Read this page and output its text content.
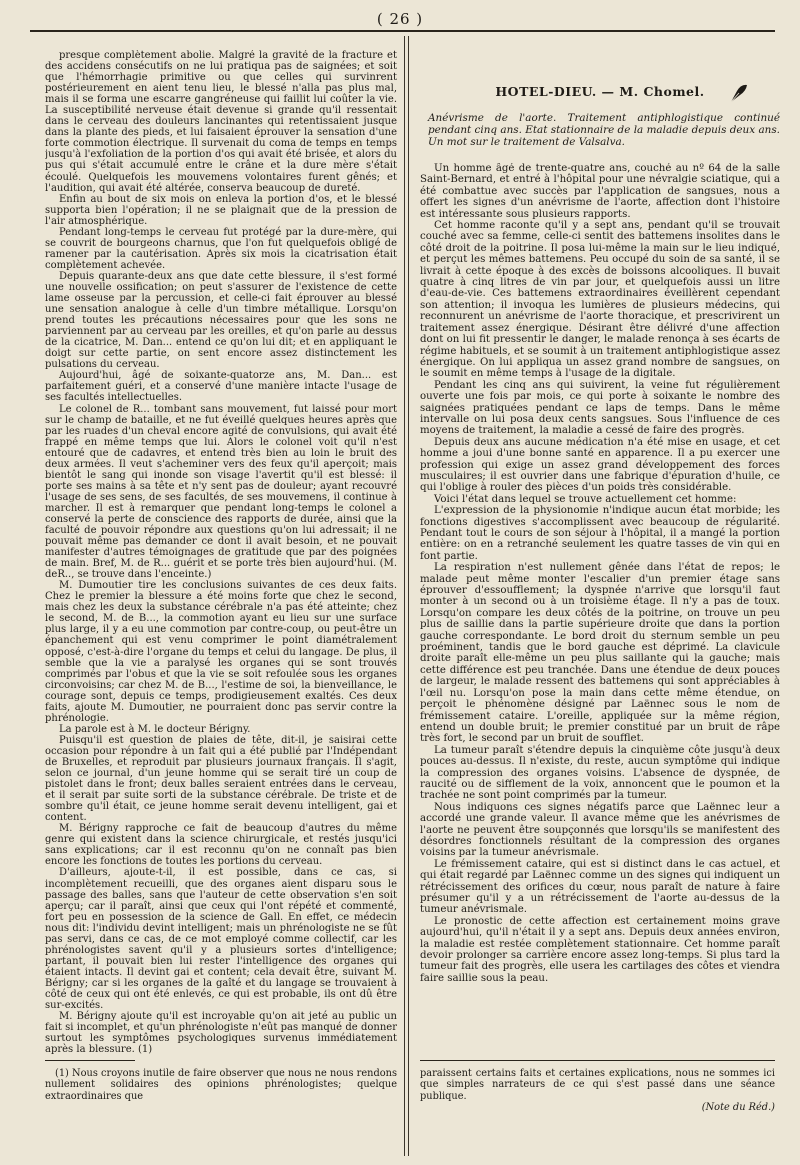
( 26 )

presque complètement abolie. Malgré la gravité de la fracture et des accidens consécutifs on ne lui pratiqua pas de saignées; et soit que l'hémorrhagie primitive ou que celles qui survinrent postérieurement en aient tenu lieu, le blessé n'alla pas plus mal, mais il se forma une escarre gangréneuse qui faillit lui coûter la vie. La susceptibilité nerveuse était devenue si grande qu'il ressentait dans le cerveau des douleurs lancinantes qui retentissaient jusque dans la plante des pieds, et lui faisaient éprouver la sensation d'une forte commotion électrique. Il survenait du coma de temps en temps jusqu'à l'exfoliation de la portion d'os qui avait été brisée, et alors du pus qui s'était accumulé entre le crâne et la dure mère s'était écoulé. Quelquefois les mouvemens volontaires furent gênés; et l'audition, qui avait été altérée, conserva beaucoup de dureté.

Enfin au bout de six mois on enleva la portion d'os, et le blessé supporta bien l'opération; il ne se plaignait que de la pression de l'air atmosphérique.

Pendant long-temps le cerveau fut protégé par la dure-mère, qui se couvrit de bourgeons charnus, que l'on fut quelquefois obligé de ramener par la cautérisation. Après six mois la cicatrisation était complètement achevée.

Depuis quarante-deux ans que date cette blessure, il s'est formé une nouvelle ossification; on peut s'assurer de l'existence de cette lame osseuse par la percussion, et celle-ci fait éprouver au blessé une sensation analogue à celle d'un timbre métallique. Lorsqu'on prend toutes les précautions nécessaires pour que les sons ne parviennent par au cerveau par les oreilles, et qu'on parle au dessus de la cicatrice, M. Dan... entend ce qu'on lui dit; et en appliquant le doigt sur cette partie, on sent encore assez distinctement les pulsations du cerveau.

Aujourd'hui, âgé de soixante-quatorze ans, M. Dan... est parfaitement guéri, et a conservé d'une manière intacte l'usage de ses facultés intellectuelles.

Le colonel de R... tombant sans mouvement, fut laissé pour mort sur le champ de bataille, et ne fut éveillé quelques heures après que par les ruades d'un cheval encore agité de convulsions, qui avait été frappé en même temps que lui. Alors le colonel voit qu'il n'est entouré que de cadavres, et entend très bien au loin le bruit des deux armées. Il veut s'acheminer vers des feux qu'il aperçoit; mais bientôt le sang qui inonde son visage l'avertit qu'il est blessé: il porte ses mains à sa tête et n'y sent pas de douleur; ayant recouvré l'usage de ses sens, de ses facultés, de ses mouvemens, il continue à marcher. Il est à remarquer que pendant long-temps le colonel a conservé la perte de conscience des rapports de durée, ainsi que la faculté de pouvoir répondre aux questions qu'on lui adressait; il ne pouvait même pas demander ce dont il avait besoin, et ne pouvait manifester d'autres témoignages de gratitude que par des poignées de main. Bref, M. de R... guérit et se porte très bien aujourd'hui. (M. deR.., se trouve dans l'enceinte.)

M. Dumoutier tire les conclusions suivantes de ces deux faits. Chez le premier la blessure a été moins forte que chez le second, mais chez les deux la substance cérébrale n'a pas été atteinte; chez le second, M. de B..., la commotion ayant eu lieu sur une surface plus large, il y a eu une commotion par contre-coup, ou peut-être un épanchement qui est venu comprimer le point diamétralement opposé, c'est-à-dire l'organe du temps et celui du langage. De plus, il semble que la vie a paralysé les organes qui se sont trouvés comprimés par l'obus et que la vie se soit refoulée sous les organes circonvoisins; car chez M. de B..., l'estime de soi, la bienveillance, le courage sont, depuis ce temps, prodigieusement exaltés. Ces deux faits, ajoute M. Dumoutier, ne pourraient donc pas servir contre la phrénologie.

La parole est à M. le docteur Bérigny.

Puisqu'il est question de plaies de tête, dit-il, je saisirai cette occasion pour répondre à un fait qui a été publié par l'Indépendant de Bruxelles, et reproduit par plusieurs journaux français. Il s'agit, selon ce journal, d'un jeune homme qui se serait tiré un coup de pistolet dans le front; deux balles seraient entrées dans le cerveau, et il serait par suite sorti de la substance cérébrale. De triste et de sombre qu'il était, ce jeune homme serait devenu intelligent, gai et content.

M. Bérigny rapproche ce fait de beaucoup d'autres du même genre qui existent dans la science chirurgicale, et restés jusqu'ici sans explications; car il est reconnu qu'on ne connaît pas bien encore les fonctions de toutes les portions du cerveau.

D'ailleurs, ajoute-t-il, il est possible, dans ce cas, si incomplètement recueilli, que des organes aient disparu sous le passage des balles, sans que l'auteur de cette observation s'en soit aperçu; car il paraît, ainsi que ceux qui l'ont répété et commenté, fort peu en possession de la science de Gall. En effet, ce médecin nous dit: l'individu devint intelligent; mais un phrénologiste ne se fût pas servi, dans ce cas, de ce mot employé comme collectif, car les phrénologistes savent qu'il y a plusieurs sortes d'intelligence; partant, il pouvait bien lui rester l'intelligence des organes qui étaient intacts. Il devint gai et content; cela devait être, suivant M. Bérigny; car si les organes de la gaîté et du langage se trouvaient à côté de ceux qui ont été enlevés, ce qui est probable, ils ont dû être sur-excités.

M. Bérigny ajoute qu'il est incroyable qu'on ait jeté au public un fait si incomplet, et qu'un phrénologiste n'eût pas manqué de donner surtout les symptômes psychologiques survenus immédiatement après la blessure. (1)

HOTEL-DIEU. — M. Chomel.
Anévrisme de l'aorte. Traitement antiphlogistique continué pendant cinq ans. Etat stationnaire de la maladie depuis deux ans. Un mot sur le traitement de Valsalva.

Un homme âgé de trente-quatre ans, couché au nº 64 de la salle Saint-Bernard, et entré à l'hôpital pour une névralgie sciatique, qui a été combattue avec succès par l'application de sangsues, nous a offert les signes d'un anévrisme de l'aorte, affection dont l'histoire est intéressante sous plusieurs rapports.

Cet homme raconte qu'il y a sept ans, pendant qu'il se trouvait couché avec sa femme, celle-ci sentit des battemens insolites dans le côté droit de la poitrine. Il posa lui-même la main sur le lieu indiqué, et perçut les mêmes battemens. Peu occupé du soin de sa santé, il se livrait à cette époque à des excès de boissons alcooliques. Il buvait quatre à cinq litres de vin par jour, et quelquefois aussi un litre d'eau-de-vie. Ces battemens extraordinaires éveillèrent cependant son attention; il invoqua les lumières de plusieurs médecins, qui reconnurent un anévrisme de l'aorte thoracique, et prescrivirent un traitement assez énergique. Désirant être délivré d'une affection dont on lui fit pressentir le danger, le malade renonça à ses écarts de régime habituels, et se soumit à un traitement antiphlogistique assez énergique. On lui appliqua un assez grand nombre de sangsues, on le soumit en même temps à l'usage de la digitale.

Pendant les cinq ans qui suivirent, la veine fut régulièrement ouverte une fois par mois, ce qui porte à soixante le nombre des saignées pratiquées pendant ce laps de temps. Dans le même intervalle on lui posa deux cents sangsues. Sous l'influence de ces moyens de traitement, la maladie a cessé de faire des progrès.

Depuis deux ans aucune médication n'a été mise en usage, et cet homme a joui d'une bonne santé en apparence. Il a pu exercer une profession qui exige un assez grand développement des forces musculaires; il est ouvrier dans une fabrique d'épuration d'huile, ce qui l'oblige à rouler des pièces d'un poids très considérable.

Voici l'état dans lequel se trouve actuellement cet homme:

L'expression de la physionomie n'indique aucun état morbide; les fonctions digestives s'accomplissent avec beaucoup de régularité. Pendant tout le cours de son séjour à l'hôpital, il a mangé la portion entière: on en a retranché seulement les quatre tasses de vin qui en font partie.

La respiration n'est nullement gênée dans l'état de repos; le malade peut même monter l'escalier d'un premier étage sans éprouver d'essoufflement; la dyspnée n'arrive que lorsqu'il faut monter à un second ou à un troisième étage. Il n'y a pas de toux. Lorsqu'on compare les deux côtés de la poitrine, on trouve un peu plus de saillie dans la partie supérieure droite que dans la portion gauche correspondante. Le bord droit du sternum semble un peu proéminent, tandis que le bord gauche est déprimé. La clavicule droite paraît elle-même un peu plus saillante qui la gauche; mais cette différence est peu tranchée. Dans une étendue de deux pouces de largeur, le malade ressent des battemens qui sont appréciables à l'œil nu. Lorsqu'on pose la main dans cette même étendue, on perçoit le phénomène désigné par Laënnec sous le nom de frémissement cataire. L'oreille, appliquée sur la même région, entend un double bruit; le premier constitué par un bruit de râpe très fort, le second par un bruit de soufflet.

La tumeur paraît s'étendre depuis la cinquième côte jusqu'à deux pouces au-dessus. Il n'existe, du reste, aucun symptôme qui indique la compression des organes voisins. L'absence de dyspnée, de raucité ou de sifflement de la voix, annoncent que le poumon et la trachée ne sont point comprimés par la tumeur.

Nous indiquons ces signes négatifs parce que Laënnec leur a accordé une grande valeur. Il avance même que les anévrismes de l'aorte ne peuvent être soupçonnés que lorsqu'ils se manifestent des désordres fonctionnels résultant de la compression des organes voisins par la tumeur anévrismale.

Le frémissement cataire, qui est si distinct dans le cas actuel, et qui était regardé par Laënnec comme un des signes qui indiquent un rétrécissement des orifices du cœur, nous paraît de nature à faire présumer qu'il y a un rétrécissement de l'aorte au-dessus de la tumeur anévrismale.

Le pronostic de cette affection est certainement moins grave aujourd'hui, qu'il n'était il y a sept ans. Depuis deux années environ, la maladie est restée complètement stationnaire. Cet homme paraît devoir prolonger sa carrière encore assez long-temps. Si plus tard la tumeur fait des progrès, elle usera les cartilages des côtes et viendra faire saillie sous la peau.

(1) Nous croyons inutile de faire observer que nous ne nous rendons nullement solidaires des opinions phrénologistes; quelque extraordinaires que

paraissent certains faits et certaines explications, nous ne sommes ici que simples narrateurs de ce qui s'est passé dans une séance publique.
(Note du Réd.)
